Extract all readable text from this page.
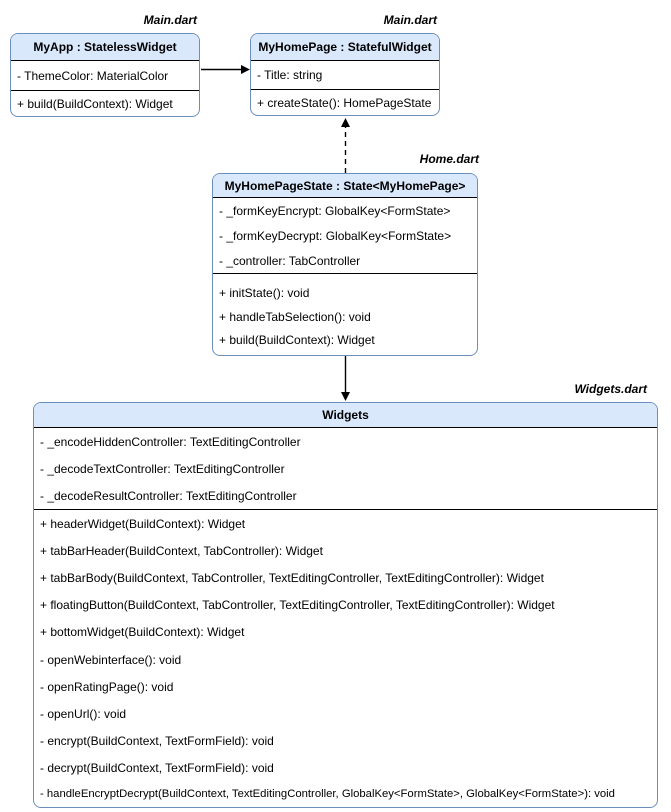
Main.dart	Main.dart
Home.dart
Widgets.dart
MyApp : StatelessWidget
- ThemeColor: MaterialColor
+ build(BuildContext): Widget
MyHomePage : StatefulWidget
- Title: string
+ createState(): HomePageState
MyHomePageState : State<MyHomePage>
- _formKeyEncrypt: GlobalKey<FormState>
- _formKeyDecrypt: GlobalKey<FormState>
- _controller: TabController
+ initState(): void
+ handleTabSelection(): void
+ build(BuildContext): Widget
Widgets
- _encodeHiddenController: TextEditingController
- _decodeTextController: TextEditingController
- _decodeResultController: TextEditingController
+ headerWidget(BuildContext): Widget
+ tabBarHeader(BuildContext, TabController): Widget
+ tabBarBody(BuildContext, TabController, TextEditingController, TextEditingController): Widget
+ floatingButton(BuildContext, TabController, TextEditingController, TextEditingController): Widget
+ bottomWidget(BuildContext): Widget
- openWebinterface(): void
- openRatingPage(): void
- openUrl(): void
- encrypt(BuildContext, TextFormField): void
- decrypt(BuildContext, TextFormField): void
- handleEncryptDecrypt(BuildContext, TextEditingController, GlobalKey<FormState>, GlobalKey<FormState>): void
